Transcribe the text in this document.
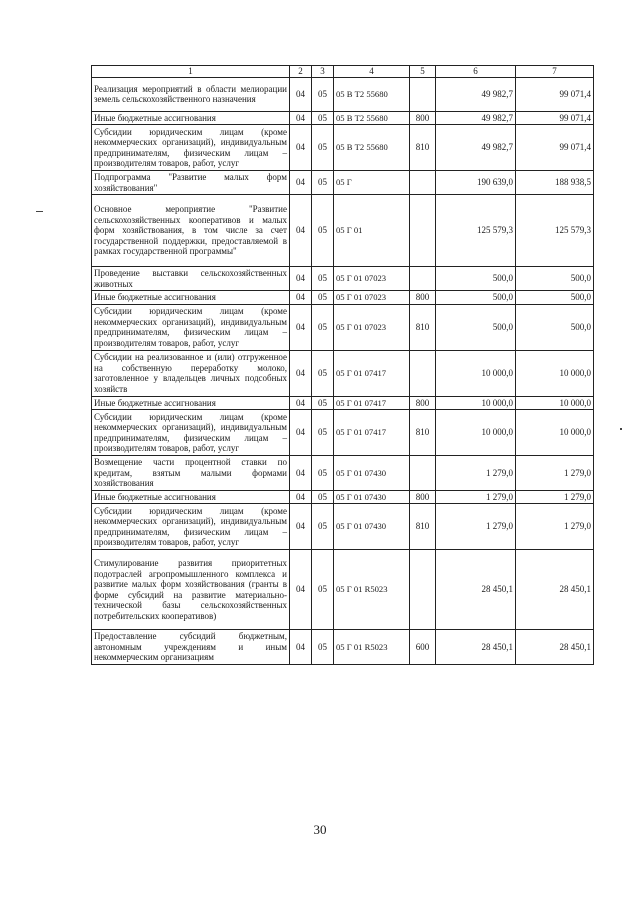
1	2	3	4	5	6	7
Реализация мероприятий в области мелиорации земель сельскохозяйственного назначения	04	05	05 В Т2 55680		49 982,7	99 071,4
Иные бюджетные ассигнования	04	05	05 В Т2 55680	800	49 982,7	99 071,4
Субсидии юридическим лицам (кроме некоммерческих организаций), индивидуальным предпринимателям, физическим лицам – производителям товаров, работ, услуг	04	05	05 В Т2 55680	810	49 982,7	99 071,4
Подпрограмма "Развитие малых форм хозяйствования"	04	05	05 Г		190 639,0	188 938,5
Основное мероприятие "Развитие сельскохозяйственных кооперативов и малых форм хозяйствования, в том числе за счет государственной поддержки, предоставляемой в рамках государственной программы"	04	05	05 Г 01		125 579,3	125 579,3
Проведение выставки сельскохозяйственных животных	04	05	05 Г 01 07023		500,0	500,0
Иные бюджетные ассигнования	04	05	05 Г 01 07023	800	500,0	500,0
Субсидии юридическим лицам (кроме некоммерческих организаций), индивидуальным предпринимателям, физическим лицам – производителям товаров, работ, услуг	04	05	05 Г 01 07023	810	500,0	500,0
Субсидии на реализованное и (или) отгруженное на собственную переработку молоко, заготовленное у владельцев личных подсобных хозяйств	04	05	05 Г 01 07417		10 000,0	10 000,0
Иные бюджетные ассигнования	04	05	05 Г 01 07417	800	10 000,0	10 000,0
Субсидии юридическим лицам (кроме некоммерческих организаций), индивидуальным предпринимателям, физическим лицам – производителям товаров, работ, услуг	04	05	05 Г 01 07417	810	10 000,0	10 000,0
Возмещение части процентной ставки по кредитам, взятым малыми формами хозяйствования	04	05	05 Г 01 07430		1 279,0	1 279,0
Иные бюджетные ассигнования	04	05	05 Г 01 07430	800	1 279,0	1 279,0
Субсидии юридическим лицам (кроме некоммерческих организаций), индивидуальным предпринимателям, физическим лицам – производителям товаров, работ, услуг	04	05	05 Г 01 07430	810	1 279,0	1 279,0
Стимулирование развития приоритетных подотраслей агропромышленного комплекса и развитие малых форм хозяйствования (гранты в форме субсидий на развитие материально-технической базы сельскохозяйственных потребительских кооперативов)	04	05	05 Г 01 R5023		28 450,1	28 450,1
Предоставление субсидий бюджетным, автономным учреждениям и иным некоммерческим организациям	04	05	05 Г 01 R5023	600	28 450,1	28 450,1
30
